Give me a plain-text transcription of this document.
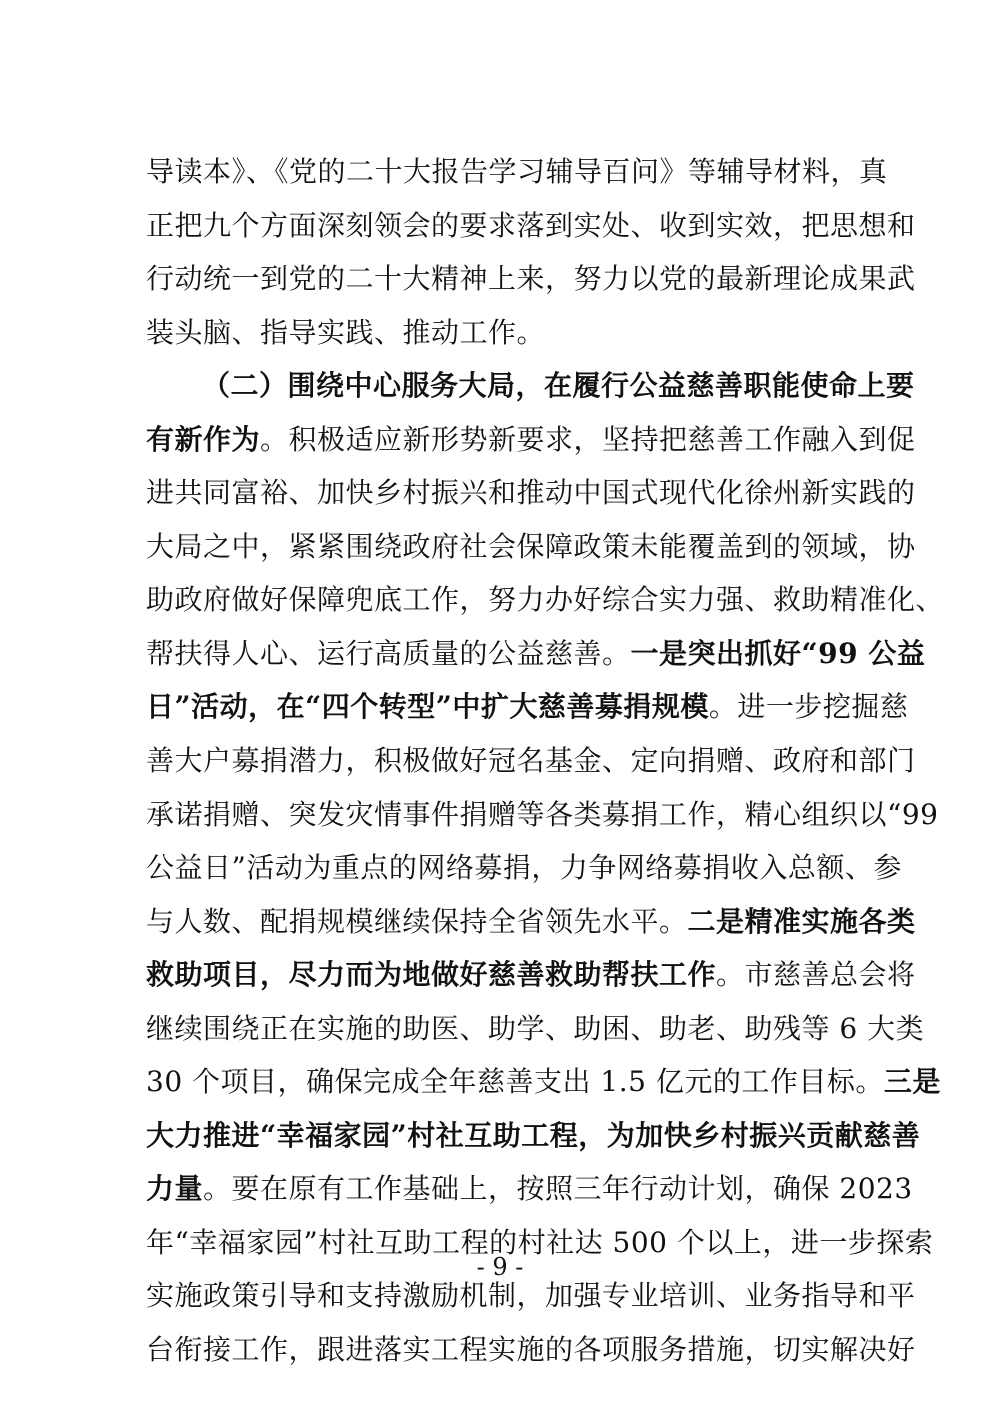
导读本》、《党的二十大报告学习辅导百问》等辅导材料，真
正把九个方面深刻领会的要求落到实处、收到实效，把思想和
行动统一到党的二十大精神上来，努力以党的最新理论成果武
装头脑、指导实践、推动工作。
（二）围绕中心服务大局，在履行公益慈善职能使命上要
有新作为。积极适应新形势新要求，坚持把慈善工作融入到促
进共同富裕、加快乡村振兴和推动中国式现代化徐州新实践的
大局之中，紧紧围绕政府社会保障政策未能覆盖到的领域，协
助政府做好保障兜底工作，努力办好综合实力强、救助精准化、
帮扶得人心、运行高质量的公益慈善。一是突出抓好“99 公益
日”活动，在“四个转型”中扩大慈善募捐规模。进一步挖掘慈
善大户募捐潜力，积极做好冠名基金、定向捐赠、政府和部门
承诺捐赠、突发灾情事件捐赠等各类募捐工作，精心组织以“99
公益日”活动为重点的网络募捐，力争网络募捐收入总额、参
与人数、配捐规模继续保持全省领先水平。二是精准实施各类
救助项目，尽力而为地做好慈善救助帮扶工作。市慈善总会将
继续围绕正在实施的助医、助学、助困、助老、助残等 6 大类
30 个项目，确保完成全年慈善支出 1.5 亿元的工作目标。三是
大力推进“幸福家园”村社互助工程，为加快乡村振兴贡献慈善
力量。要在原有工作基础上，按照三年行动计划，确保 2023
年“幸福家园”村社互助工程的村社达 500 个以上，进一步探索
实施政策引导和支持激励机制，加强专业培训、业务指导和平
台衔接工作，跟进落实工程实施的各项服务措施，切实解决好
- 9 -
